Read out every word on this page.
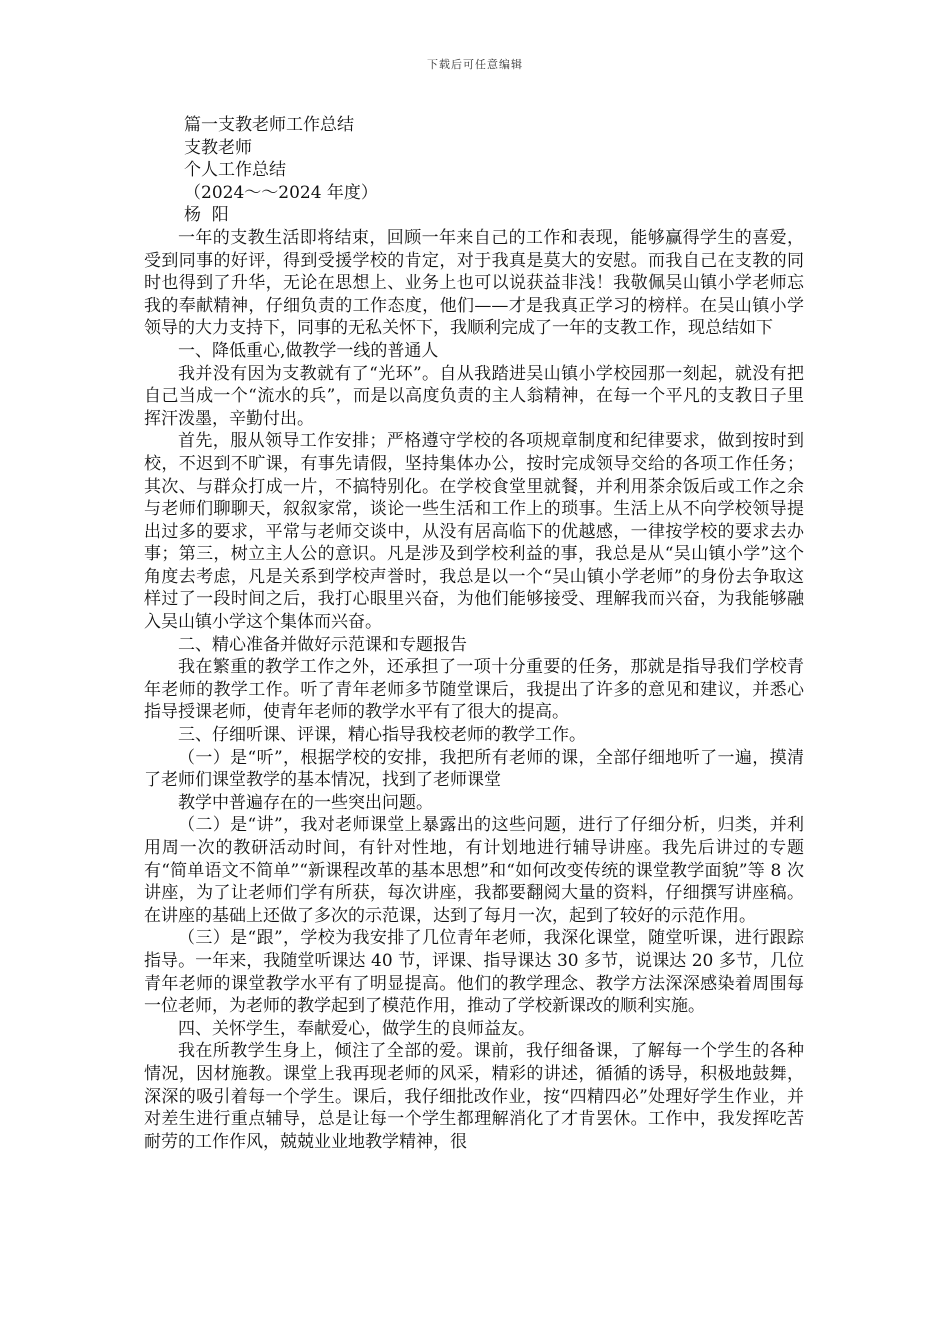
下载后可任意编辑
篇一支教老师工作总结
支教老师
个人工作总结
（2024～～2024 年度）
杨  阳

一年的支教生活即将结束，回顾一年来自己的工作和表现，能够赢得学生的喜爱，受到同事的好评，得到受援学校的肯定，对于我真是莫大的安慰。而我自己在支教的同时也得到了升华，无论在思想上、业务上也可以说获益非浅！我敬佩吴山镇小学老师忘我的奉献精神，仔细负责的工作态度，他们——才是我真正学习的榜样。在吴山镇小学领导的大力支持下，同事的无私关怀下，我顺利完成了一年的支教工作，现总结如下

一、降低重心,做教学一线的普通人

我并没有因为支教就有了“光环”。自从我踏进吴山镇小学校园那一刻起，就没有把自己当成一个“流水的兵”，而是以高度负责的主人翁精神，在每一个平凡的支教日子里挥汗泼墨，辛勤付出。

首先，服从领导工作安排；严格遵守学校的各项规章制度和纪律要求，做到按时到校，不迟到不旷课，有事先请假，坚持集体办公，按时完成领导交给的各项工作任务；其次、与群众打成一片，不搞特别化。在学校食堂里就餐，并利用茶余饭后或工作之余与老师们聊聊天，叙叙家常，谈论一些生活和工作上的琐事。生活上从不向学校领导提出过多的要求，平常与老师交谈中，从没有居高临下的优越感，一律按学校的要求去办事；第三，树立主人公的意识。凡是涉及到学校利益的事，我总是从“吴山镇小学”这个角度去考虑，凡是关系到学校声誉时，我总是以一个“吴山镇小学老师”的身份去争取这样过了一段时间之后，我打心眼里兴奋，为他们能够接受、理解我而兴奋，为我能够融入吴山镇小学这个集体而兴奋。

二、精心准备并做好示范课和专题报告

我在繁重的教学工作之外，还承担了一项十分重要的任务，那就是指导我们学校青年老师的教学工作。听了青年老师多节随堂课后，我提出了许多的意见和建议，并悉心指导授课老师，使青年老师的教学水平有了很大的提高。

三、仔细听课、评课，精心指导我校老师的教学工作。

（一）是“听”，根据学校的安排，我把所有老师的课，全部仔细地听了一遍，摸清了老师们课堂教学的基本情况，找到了老师课堂

教学中普遍存在的一些突出问题。

（二）是“讲”，我对老师课堂上暴露出的这些问题，进行了仔细分析，归类，并利用周一次的教研活动时间，有针对性地，有计划地进行辅导讲座。我先后讲过的专题有“简单语文不简单”“新课程改革的基本思想”和“如何改变传统的课堂教学面貌”等 8 次讲座，为了让老师们学有所获，每次讲座，我都要翻阅大量的资料，仔细撰写讲座稿。在讲座的基础上还做了多次的示范课，达到了每月一次，起到了较好的示范作用。

（三）是“跟”，学校为我安排了几位青年老师，我深化课堂，随堂听课，进行跟踪指导。一年来，我随堂听课达 40 节，评课、指导课达 30 多节，说课达 20 多节，几位青年老师的课堂教学水平有了明显提高。他们的教学理念、教学方法深深感染着周围每一位老师，为老师的教学起到了模范作用，推动了学校新课改的顺利实施。

四、关怀学生，奉献爱心，做学生的良师益友。

我在所教学生身上，倾注了全部的爱。课前，我仔细备课，了解每一个学生的各种情况，因材施教。课堂上我再现老师的风采，精彩的讲述，循循的诱导，积极地鼓舞，深深的吸引着每一个学生。课后，我仔细批改作业，按“四精四必”处理好学生作业，并对差生进行重点辅导，总是让每一个学生都理解消化了才肯罢休。工作中，我发挥吃苦耐劳的工作作风，兢兢业业地教学精神，很
